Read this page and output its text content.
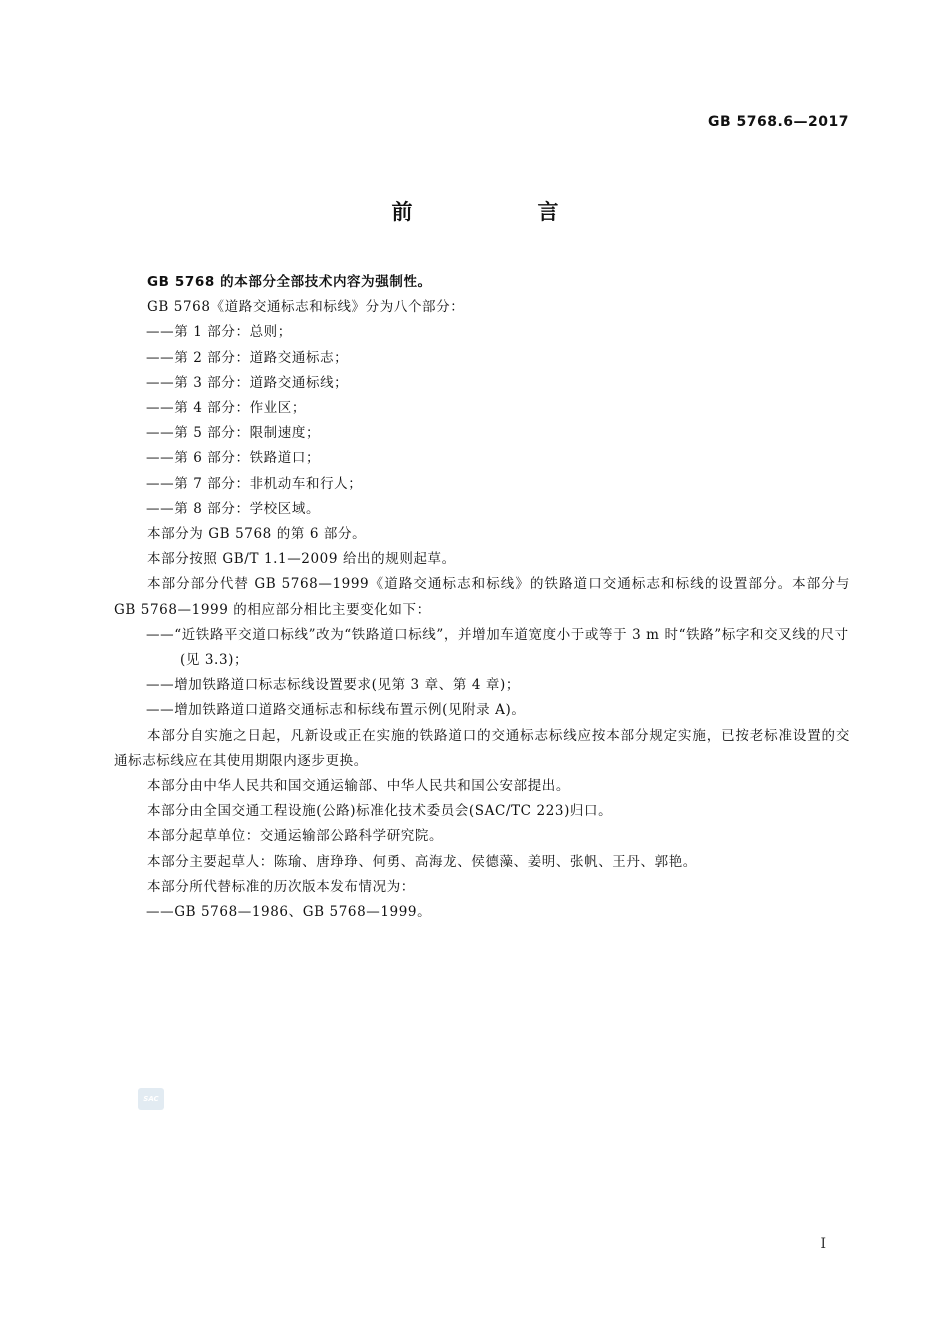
GB 5768.6—2017
前　言

GB 5768 的本部分全部技术内容为强制性。

GB 5768《道路交通标志和标线》分为八个部分：

——第 1 部分：总则；

——第 2 部分：道路交通标志；

——第 3 部分：道路交通标线；

——第 4 部分：作业区；

——第 5 部分：限制速度；

——第 6 部分：铁路道口；

——第 7 部分：非机动车和行人；

——第 8 部分：学校区域。

本部分为 GB 5768 的第 6 部分。

本部分按照 GB/T 1.1—2009 给出的规则起草。

本部分部分代替 GB 5768—1999《道路交通标志和标线》的铁路道口交通标志和标线的设置部分。本部分与 GB 5768—1999 的相应部分相比主要变化如下：

——“近铁路平交道口标线”改为“铁路道口标线”，并增加车道宽度小于或等于 3 m 时“铁路”标字和交叉线的尺寸(见 3.3)；

——增加铁路道口标志标线设置要求(见第 3 章、第 4 章)；

——增加铁路道口道路交通标志和标线布置示例(见附录 A)。

本部分自实施之日起，凡新设或正在实施的铁路道口的交通标志标线应按本部分规定实施，已按老标准设置的交通标志标线应在其使用期限内逐步更换。

本部分由中华人民共和国交通运输部、中华人民共和国公安部提出。

本部分由全国交通工程设施(公路)标准化技术委员会(SAC/TC 223)归口。

本部分起草单位：交通运输部公路科学研究院。

本部分主要起草人：陈瑜、唐琤琤、何勇、高海龙、侯德藻、姜明、张帆、王丹、郭艳。

本部分所代替标准的历次版本发布情况为：

——GB 5768—1986、GB 5768—1999。

SAC
I
